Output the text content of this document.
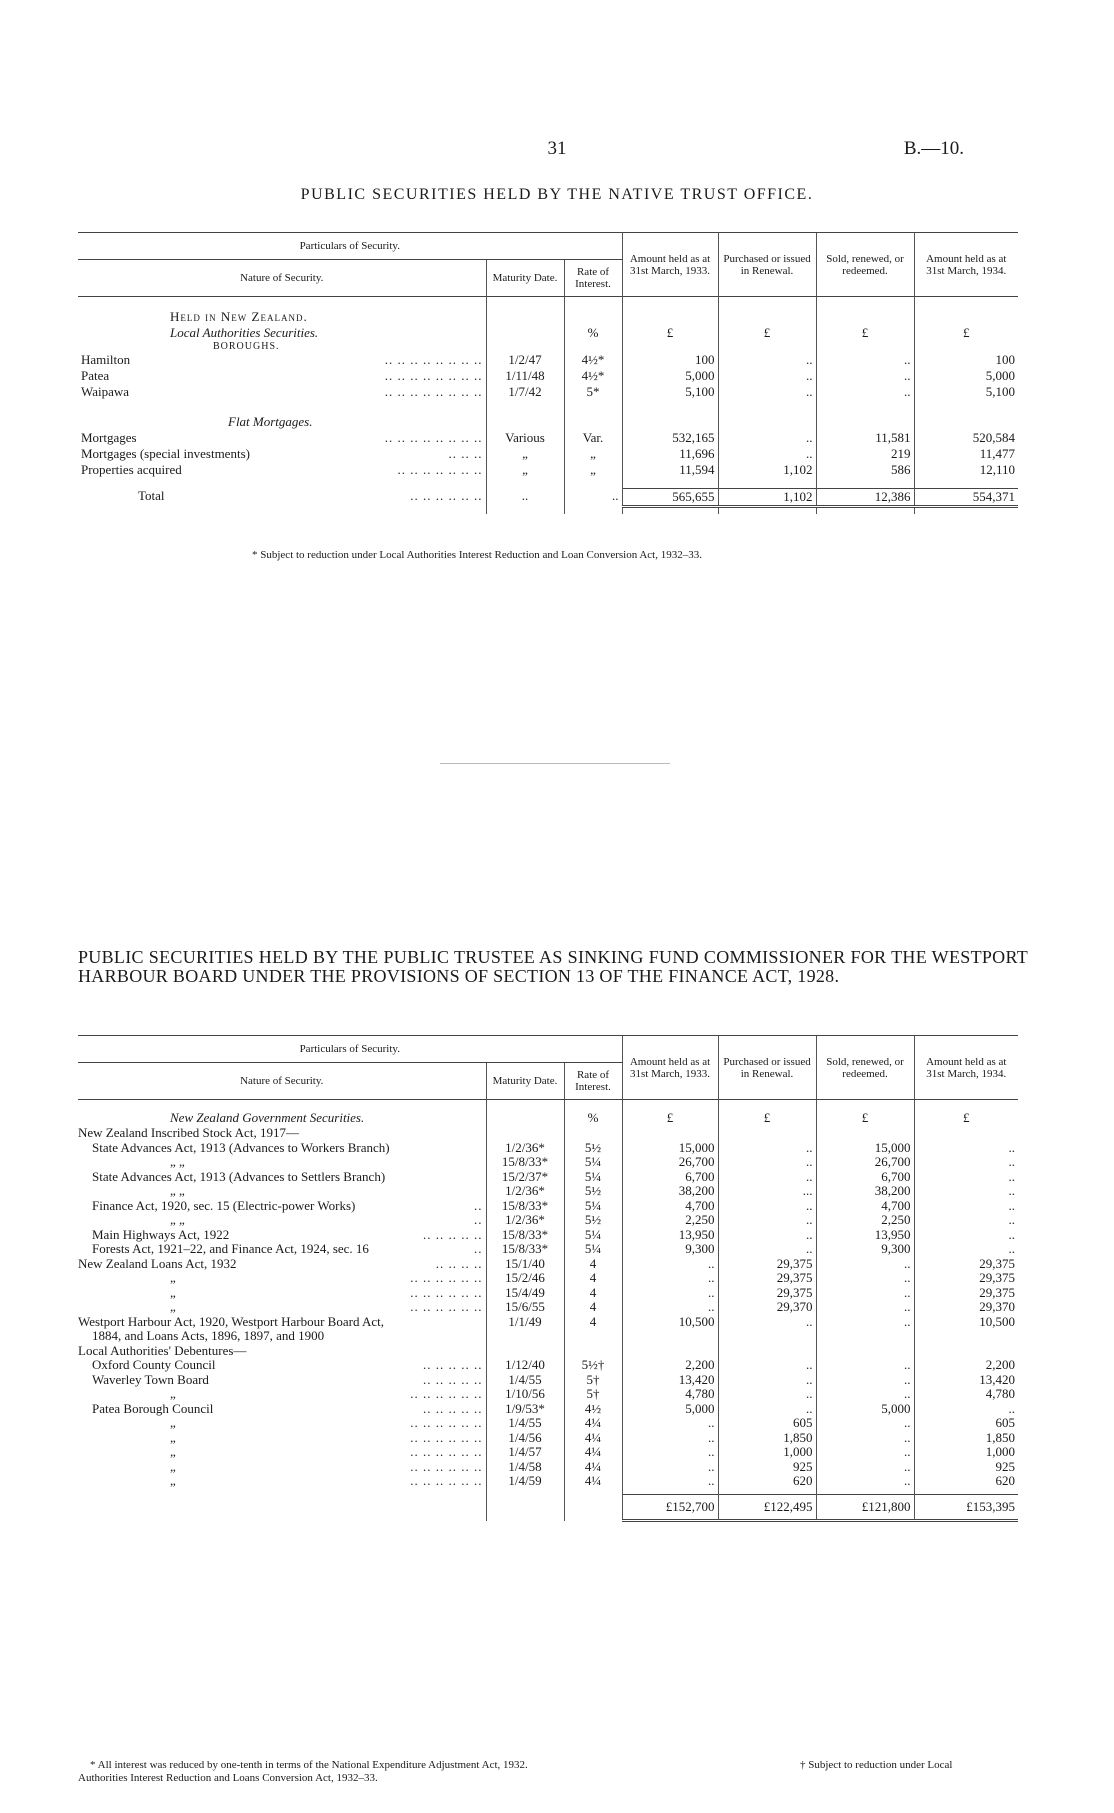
31	B.—10.
PUBLIC SECURITIES HELD BY THE NATIVE TRUST OFFICE.
Particulars of Security.			Amount held as at 31st March, 1933.	Purchased or issued in Renewal.	Sold, renewed, or redeemed.	Amount held as at 31st March, 1934.
Nature of Security.	Maturity Date.	Rate of Interest.				

Held in New Zealand.						
Local Authorities Securities.		%	£	£	£	£
BOROUGHS.						
Hamilton .. .. .. .. .. .. .. ..	1/2/47	4½*	100	..	..	100
Patea .. .. .. .. .. .. .. ..	1/11/48	4½*	5,000	..	..	5,000
Waipawa .. .. .. .. .. .. .. ..	1/7/42	5*	5,100	..	..	5,100

Flat Mortgages.						
Mortgages .. .. .. .. .. .. .. ..	Various	Var.	532,165	..	11,581	520,584
Mortgages (special investments) .. .. ..	„	„	11,696	..	219	11,477
Properties acquired .. .. .. .. .. .. ..	„	„	11,594	1,102	586	12,110

Total .. .. .. .. .. ..	..	..	565,655	1,102	12,386	554,371

* Subject to reduction under Local Authorities Interest Reduction and Loan Conversion Act, 1932–33.
PUBLIC SECURITIES HELD BY THE PUBLIC TRUSTEE AS SINKING FUND COMMISSIONER FOR THE WESTPORT HARBOUR BOARD UNDER THE PROVISIONS OF SECTION 13 OF THE FINANCE ACT, 1928.
Particulars of Security.			Amount held as at 31st March, 1933.	Purchased or issued in Renewal.	Sold, renewed, or redeemed.	Amount held as at 31st March, 1934.
Nature of Security.	Maturity Date.	Rate of Interest.				

New Zealand Government Securities.		%	£	£	£	£
New Zealand Inscribed Stock Act, 1917—

State Advances Act, 1913 (Advances to Workers Branch)	1/2/36*	5½	15,000	..	15,000	..
„ „	15/8/33*	5¼	26,700	..	26,700	..
State Advances Act, 1913 (Advances to Settlers Branch)	15/2/37*	5¼	6,700	..	6,700	..
„ „	1/2/36*	5½	38,200	...	38,200	..
Finance Act, 1920, sec. 15 (Electric-power Works) ..	15/8/33*	5¼	4,700	..	4,700	..
„ „ ..	1/2/36*	5½	2,250	..	2,250	..
Main Highways Act, 1922 .. .. .. .. ..	15/8/33*	5¼	13,950	..	13,950	..
Forests Act, 1921–22, and Finance Act, 1924, sec. 16 ..	15/8/33*	5¼	9,300	..	9,300	..
New Zealand Loans Act, 1932 .. .. .. ..	15/1/40	4	..	29,375	..	29,375
„ .. .. .. .. .. ..	15/2/46	4	..	29,375	..	29,375
„ .. .. .. .. .. ..	15/4/49	4	..	29,375	..	29,375
„ .. .. .. .. .. ..	15/6/55	4	..	29,370	..	29,370
Westport Harbour Act, 1920, Westport Harbour Board Act,	1/1/49	4	10,500	..	..	10,500
1884, and Loans Acts, 1896, 1897, and 1900

Local Authorities' Debentures—

Oxford County Council .. .. .. .. ..	1/12/40	5½†	2,200	..	..	2,200
Waverley Town Board .. .. .. .. ..	1/4/55	5†	13,420	..	..	13,420
„ .. .. .. .. .. ..	1/10/56	5†	4,780	..	..	4,780
Patea Borough Council .. .. .. .. ..	1/9/53*	4½	5,000	..	5,000	..
„ .. .. .. .. .. ..	1/4/55	4¼	..	605	..	605
„ .. .. .. .. .. ..	1/4/56	4¼	..	1,850	..	1,850
„ .. .. .. .. .. ..	1/4/57	4¼	..	1,000	..	1,000
„ .. .. .. .. .. ..	1/4/58	4¼	..	925	..	925
„ .. .. .. .. .. ..	1/4/59	4¼	..	620	..	620

			£152,700	£122,495	£121,800	£153,395
* All interest was reduced by one-tenth in terms of the National Expenditure Adjustment Act, 1932.
Authorities Interest Reduction and Loans Conversion Act, 1932–33.
† Subject to reduction under Local
